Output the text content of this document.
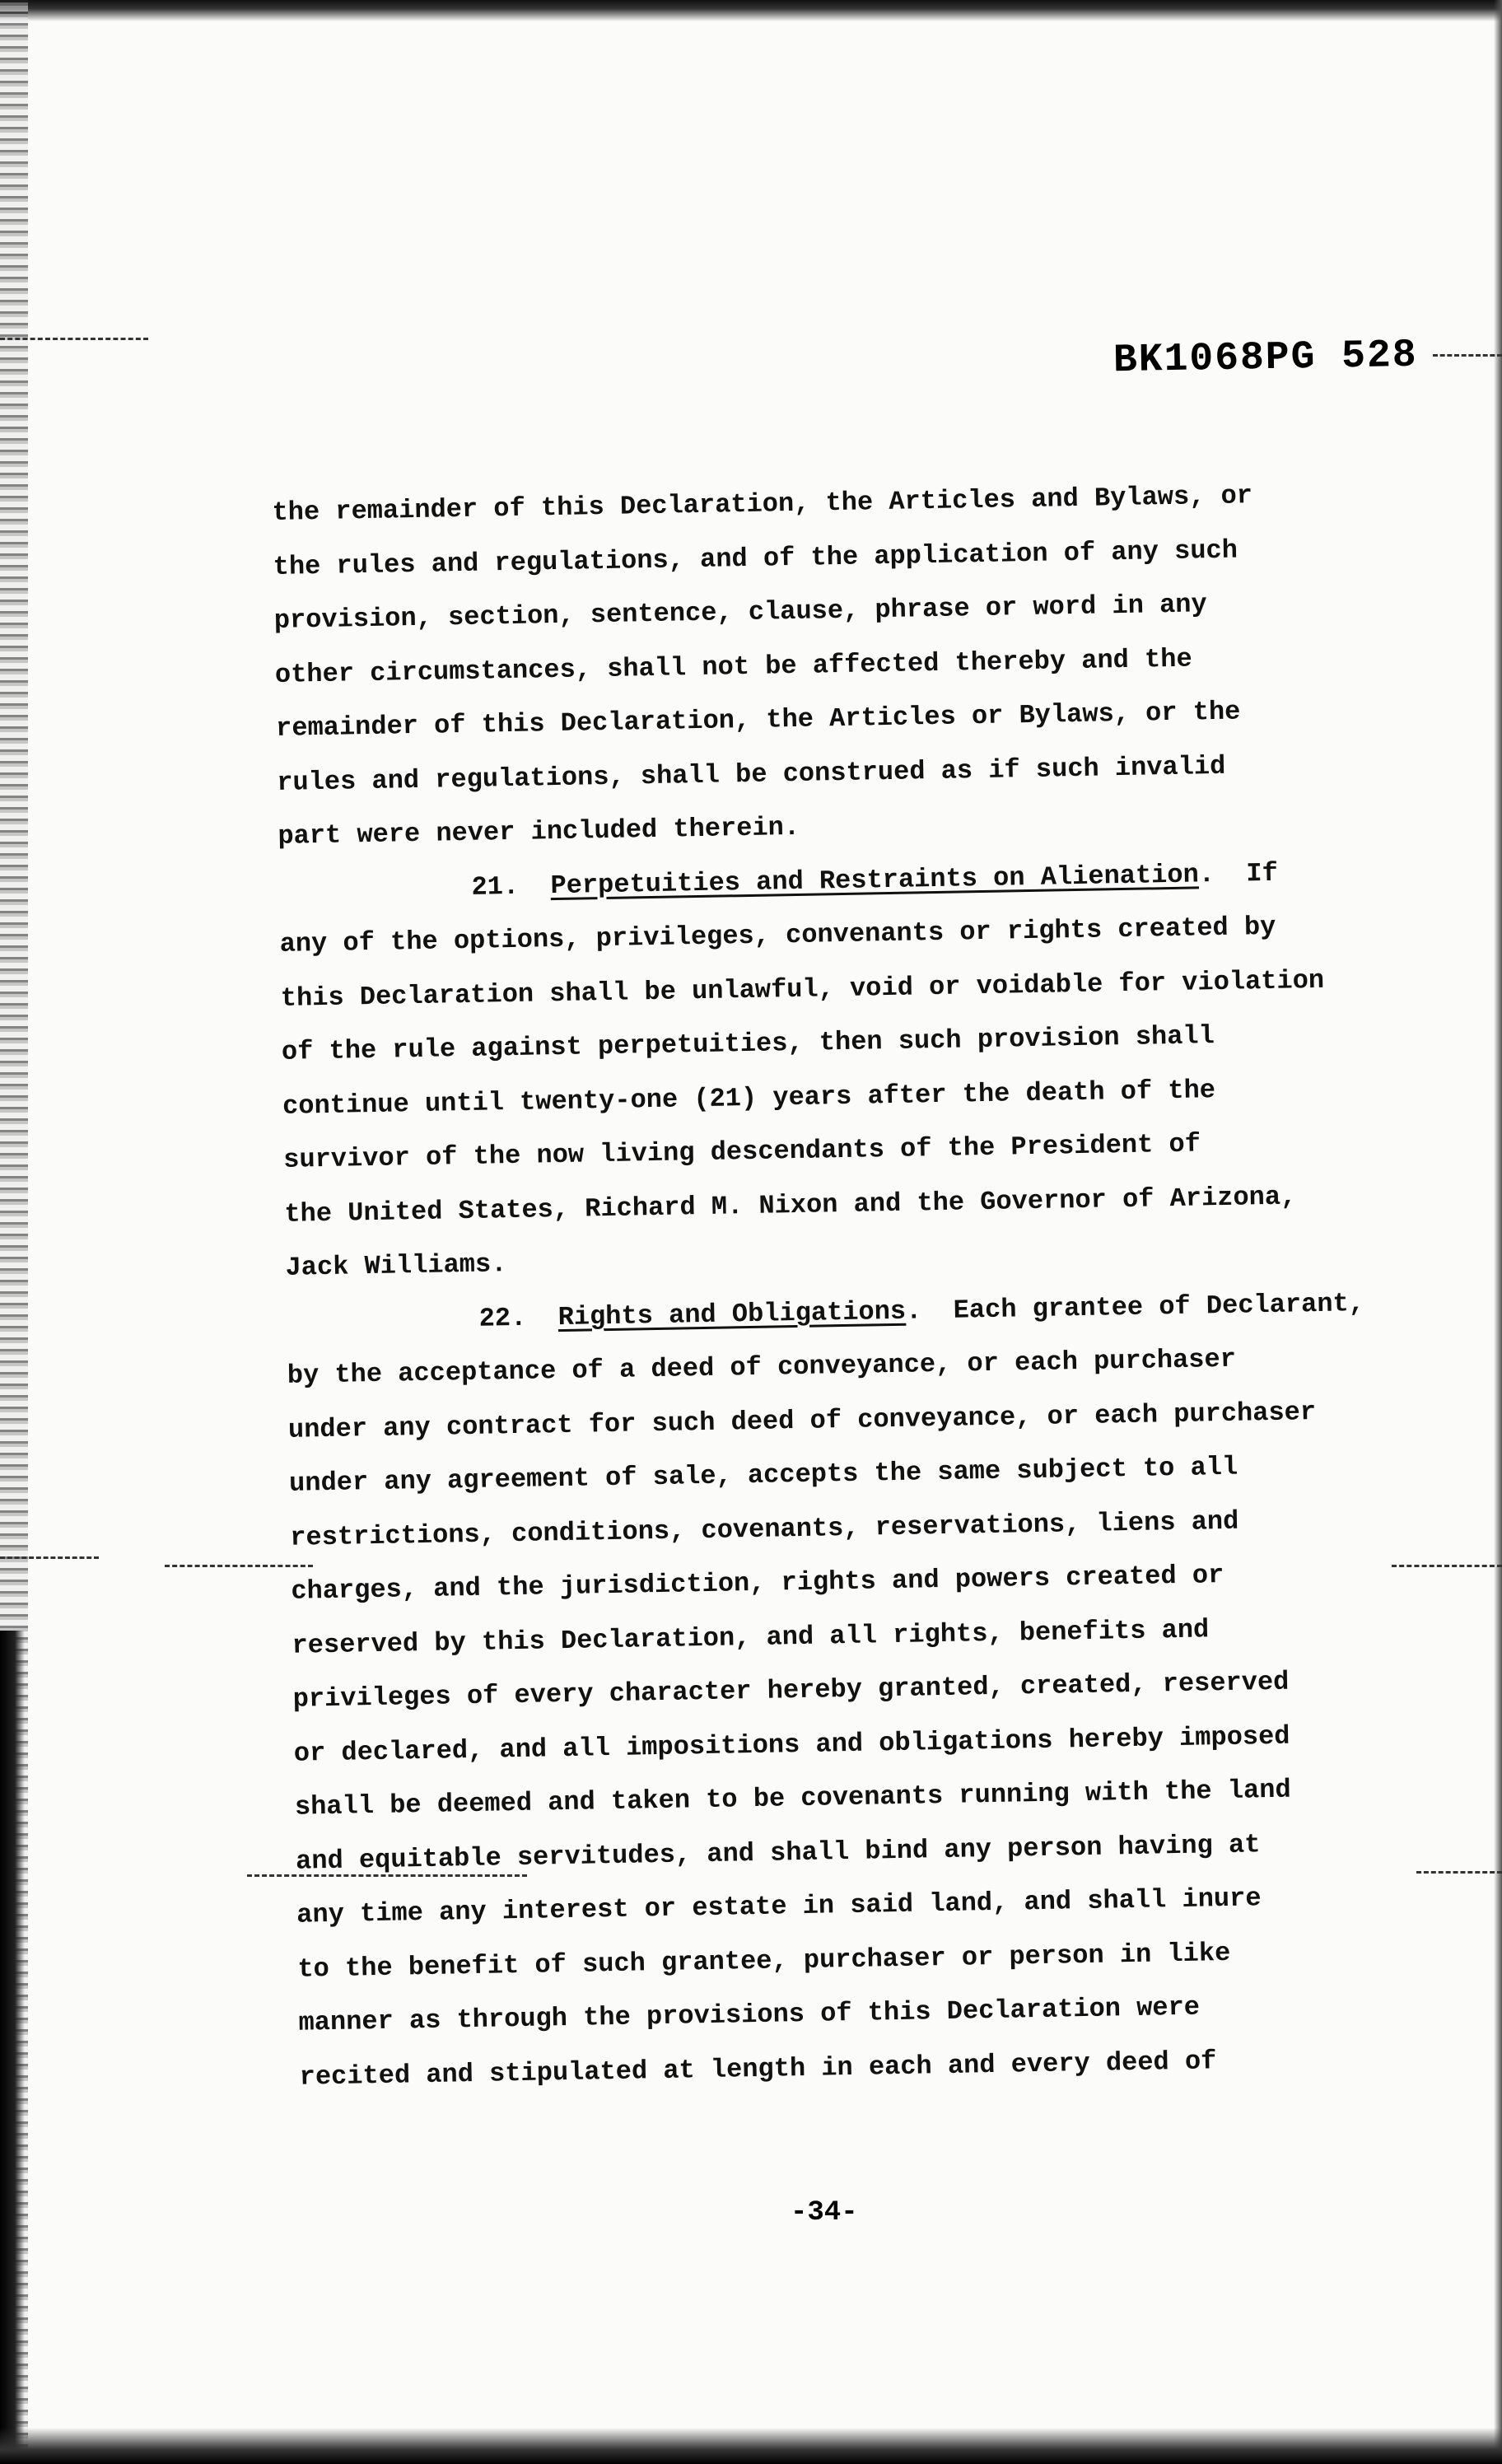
BK1068PG 528
the remainder of this Declaration, the Articles and Bylaws, or
the rules and regulations, and of the application of any such
provision, section, sentence, clause, phrase or word in any
other circumstances, shall not be affected thereby and the
remainder of this Declaration, the Articles or Bylaws, or the
rules and regulations, shall be construed as if such invalid
part were never included therein.
21. Perpetuities and Restraints on Alienation.  If
any of the options, privileges, convenants or rights created by
this Declaration shall be unlawful, void or voidable for violation
of the rule against perpetuities, then such provision shall
continue until twenty-one (21) years after the death of the
survivor of the now living descendants of the President of
the United States, Richard M. Nixon and the Governor of Arizona,
Jack Williams.
22. Rights and Obligations.  Each grantee of Declarant,
by the acceptance of a deed of conveyance, or each purchaser
under any contract for such deed of conveyance, or each purchaser
under any agreement of sale, accepts the same subject to all
restrictions, conditions, covenants, reservations, liens and
charges, and the jurisdiction, rights and powers created or
reserved by this Declaration, and all rights, benefits and
privileges of every character hereby granted, created, reserved
or declared, and all impositions and obligations hereby imposed
shall be deemed and taken to be covenants running with the land
and equitable servitudes, and shall bind any person having at
any time any interest or estate in said land, and shall inure
to the benefit of such grantee, purchaser or person in like
manner as through the provisions of this Declaration were
recited and stipulated at length in each and every deed of
-34-
